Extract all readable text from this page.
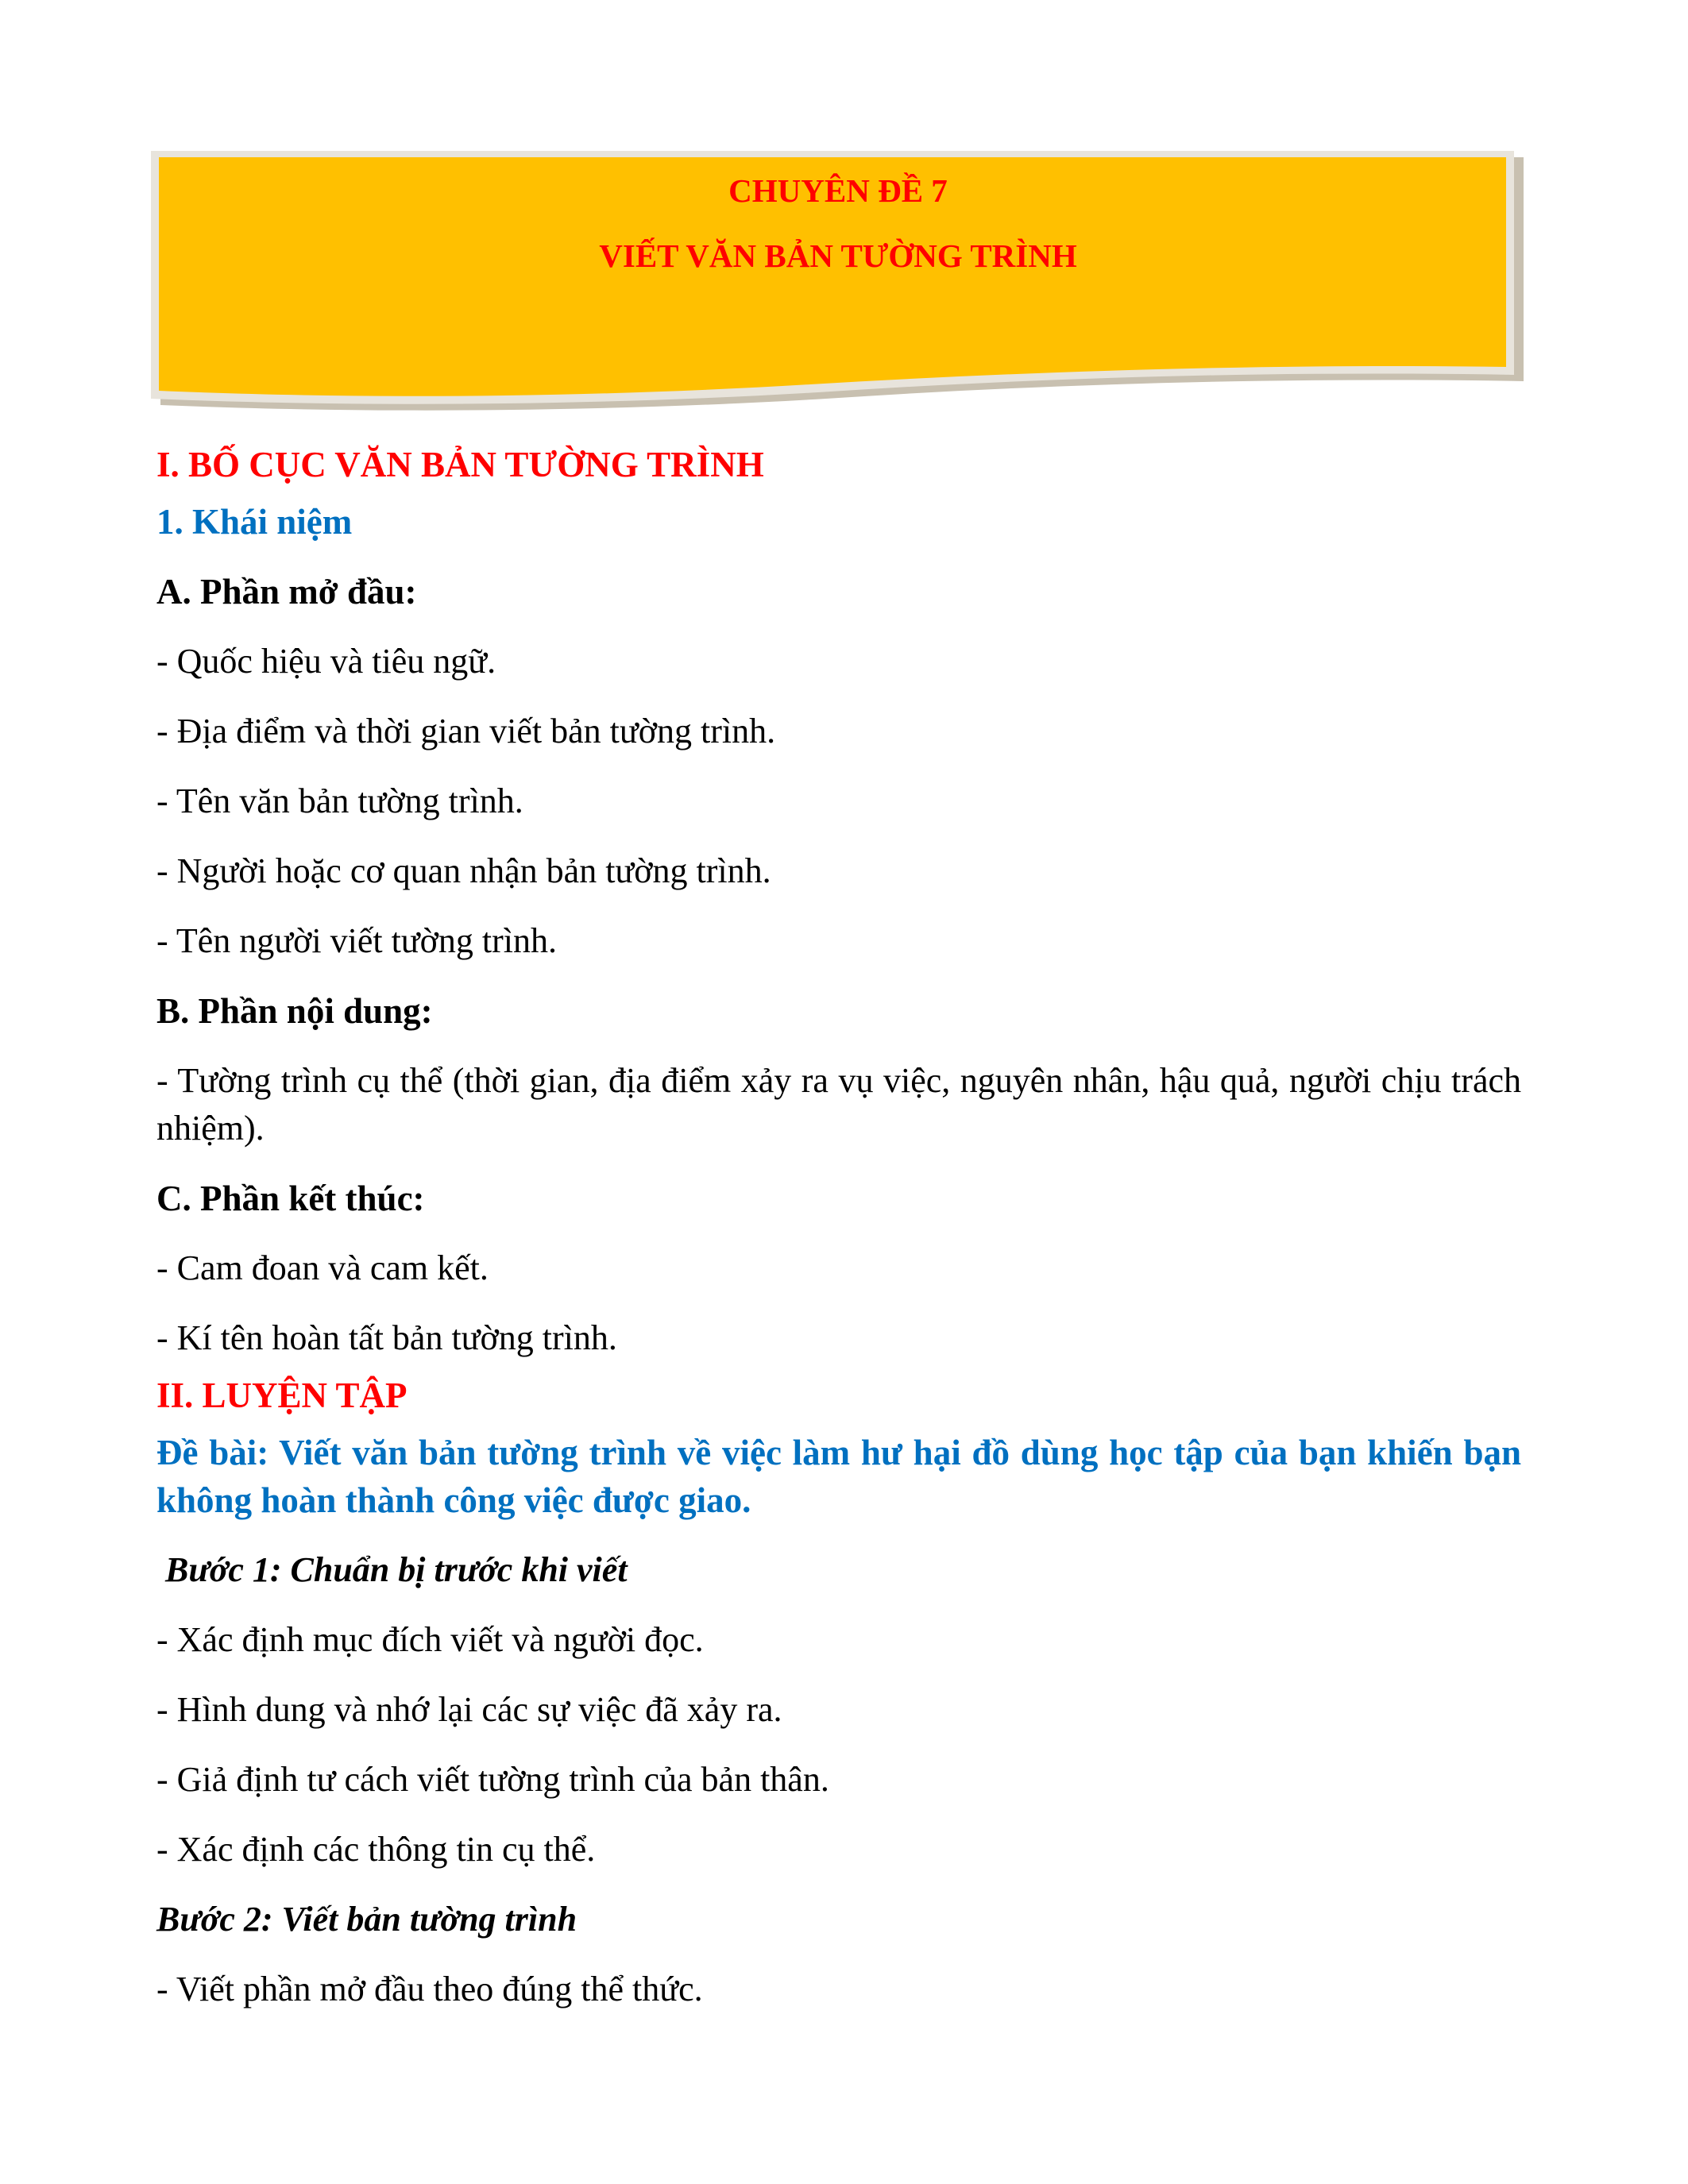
CHUYÊN ĐỀ 7
VIẾT VĂN BẢN TƯỜNG TRÌNH

I. BỐ CỤC VĂN BẢN TƯỜNG TRÌNH

1. Khái niệm

A. Phần mở đầu:

- Quốc hiệu và tiêu ngữ.

- Địa điểm và thời gian viết bản tường trình.

- Tên văn bản tường trình.

- Người hoặc cơ quan nhận bản tường trình.

- Tên người viết tường trình.

B. Phần nội dung:

- Tường trình cụ thể (thời gian, địa điểm xảy ra vụ việc, nguyên nhân, hậu quả, người chịu trách nhiệm).

C. Phần kết thúc:

- Cam đoan và cam kết.

- Kí tên hoàn tất bản tường trình.

II. LUYỆN TẬP

Đề bài: Viết văn bản tường trình về việc làm hư hại đồ dùng học tập của bạn khiến bạn không hoàn thành công việc được giao.

Bước 1: Chuẩn bị trước khi viết

- Xác định mục đích viết và người đọc.

- Hình dung và nhớ lại các sự việc đã xảy ra.

- Giả định tư cách viết tường trình của bản thân.

- Xác định các thông tin cụ thể.

Bước 2: Viết bản tường trình

- Viết phần mở đầu theo đúng thể thức.
